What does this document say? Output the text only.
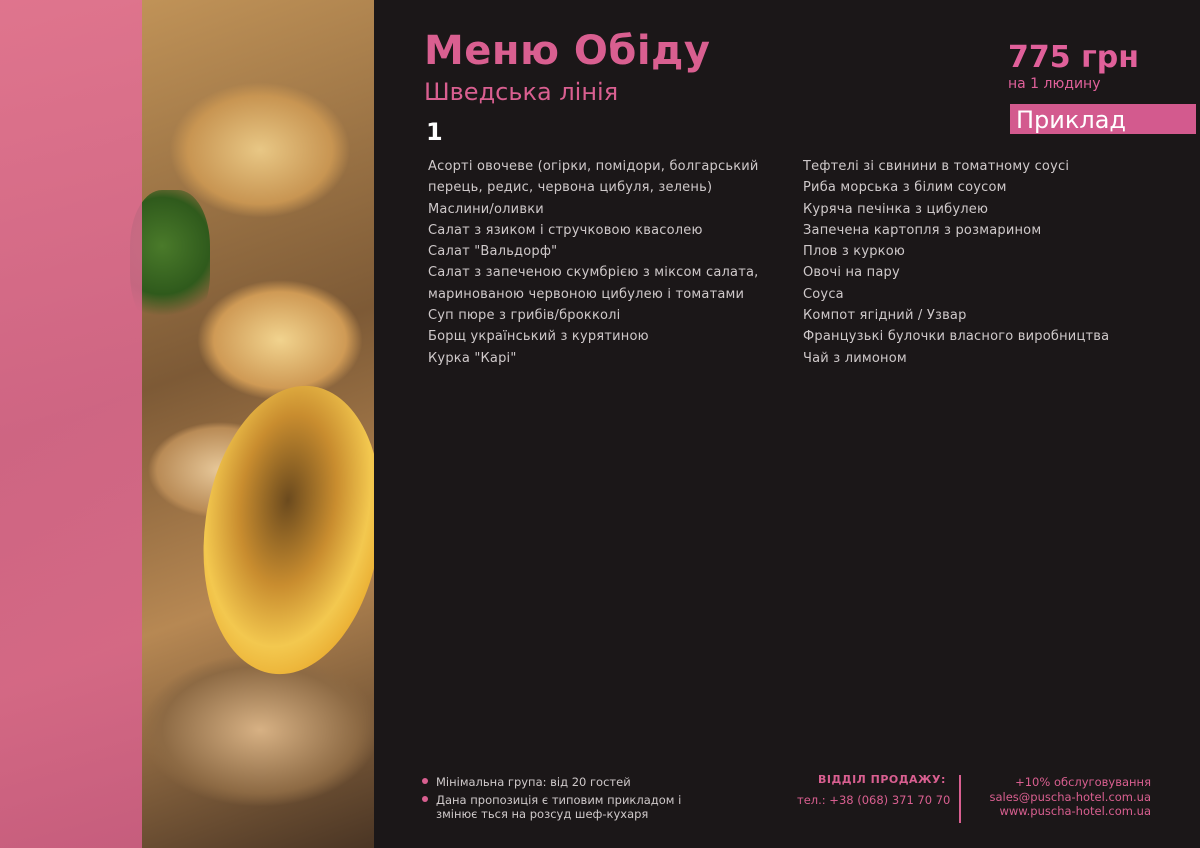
Меню Обіду
Шведська лінія
1
775 грн
на 1 людину
Приклад
Асорті овочеве (огірки, помідори, болгарський перець, редис, червона цибуля, зелень)
Маслини/оливки
Салат з язиком і стручковою квасолею
Салат "Вальдорф"
Салат з запеченою скумбрією з міксом салата, маринованою червоною цибулею і томатами
Суп пюре з грибів/брокколі
Борщ український з курятиною
Курка "Карі"
Тефтелі зі свинини в томатному соусі
Риба морська з білим соусом
Куряча печінка з цибулею
Запечена картопля з розмарином
Плов з куркою
Овочі на пару
Соуса
Компот ягідний / Узвар
Французькі булочки власного виробництва
Чай з лимоном
Мінімальна група: від 20 гостей
Дана пропозиція є типовим прикладом і змінює ться на розсуд шеф-кухаря
ВІДДІЛ ПРОДАЖУ:
тел.: +38 (068) 371 70 70
+10% обслуговування
sales@puscha-hotel.com.ua
www.puscha-hotel.com.ua
